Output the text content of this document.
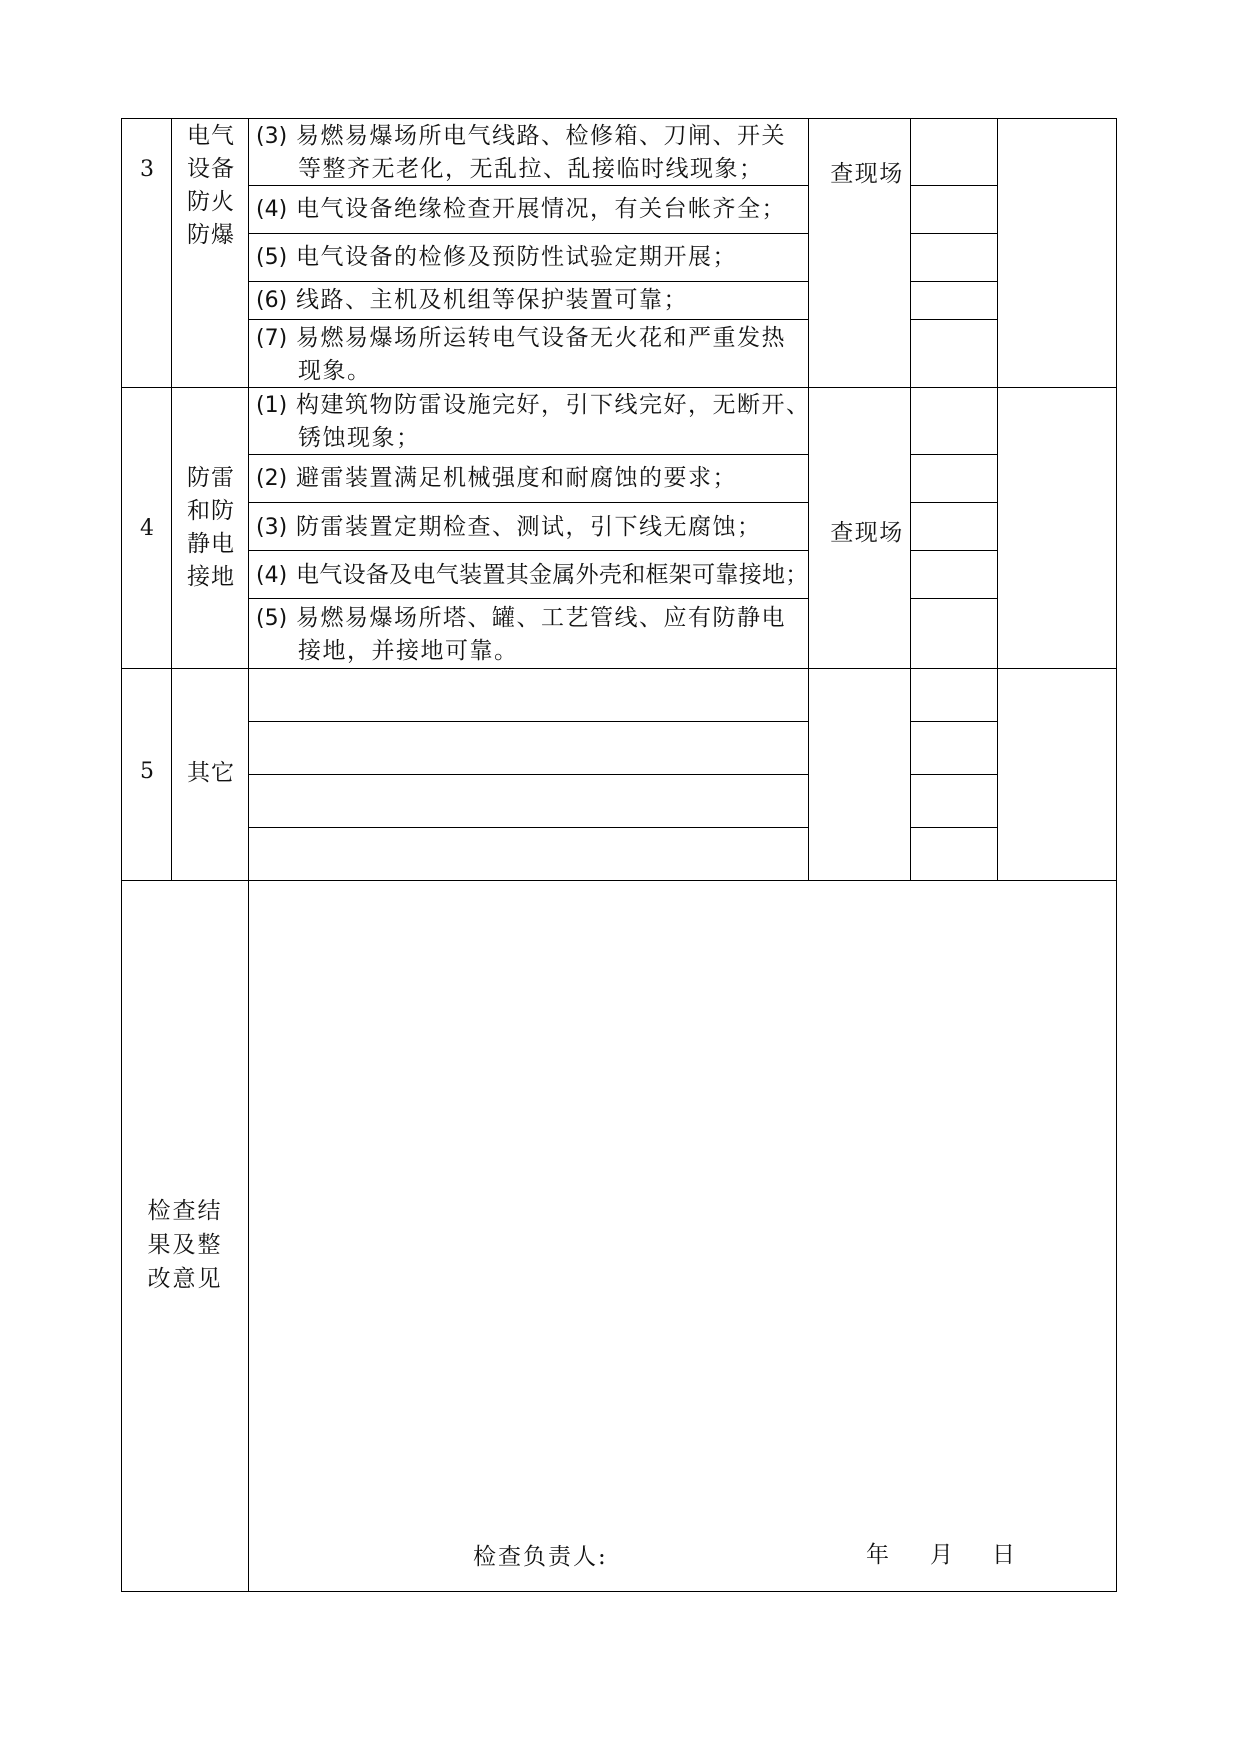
3
电气
设备
防火
防爆
查现场
(3) 易燃易爆场所电气线路、检修箱、刀闸、开关
等整齐无老化，无乱拉、乱接临时线现象；
(4) 电气设备绝缘检查开展情况，有关台帐齐全；
(5) 电气设备的检修及预防性试验定期开展；
(6) 线路、主机及机组等保护装置可靠；
(7) 易燃易爆场所运转电气设备无火花和严重发热
现象。
4
防雷
和防
静电
接地
查现场
(1) 构建筑物防雷设施完好，引下线完好，无断开、
锈蚀现象；
(2) 避雷装置满足机械强度和耐腐蚀的要求；
(3) 防雷装置定期检查、测试，引下线无腐蚀；
(4) 电气设备及电气装置其金属外壳和框架可靠接地；
(5) 易燃易爆场所塔、罐、工艺管线、应有防静电
接地，并接地可靠。
5	其它
检查结
果及整
改意见
检查负责人:	年 月 日
